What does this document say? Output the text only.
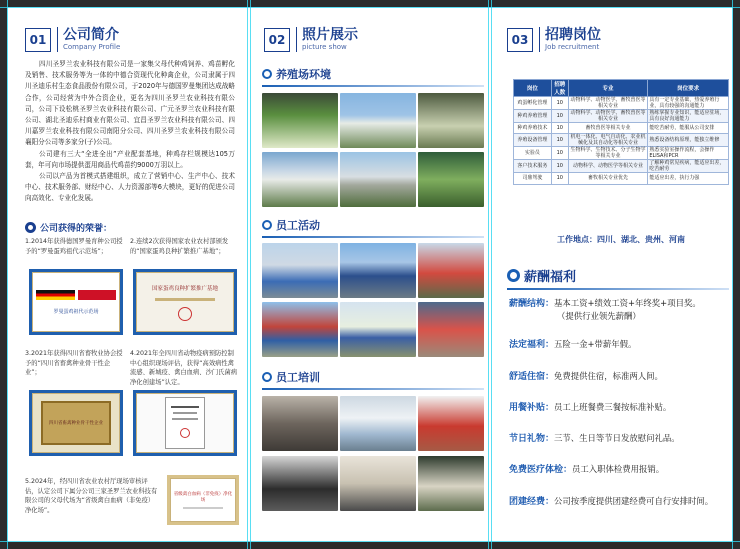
01	公司简介
Company Profile

四川圣罗兰农业科技有限公司是一家集父母代种鸡饲养、鸡苗孵化及销售、技术服务等为一体的中德合资现代化种禽企业，公司隶属于四川圣迪乐村生态食品股份有限公司，于2020年与德国罗曼集团达成战略合作，公司经营为中外合资企业，更名为四川圣罗兰农业科技有限公司，公司下设松桃圣罗兰农业科技有限公司、广元圣罗兰农业科技有限公司、湖北圣迪乐村商业有限公司、宜昌圣罗兰农业科技有限公司、四川嘉罗兰农业科技有限公司南阳分公司、四川圣罗兰农业科技有限公司襄阳分公司等多家分(子)公司。

公司建有三大“全进全出”产业配套基地，种鸡存栏规模达105万套，年可向市场提供蛋用商品代鸡苗约9000万羽以上。

公司以产品为首模式搭建组织，成立了营销中心、生产中心、技术中心、技术服务部、财经中心、人力资源部等6大模块，更好的促进公司向高效化、专业化发展。

公司获得的荣誉：
1.2014年获得德国罗曼育种公司授予的“罗曼蛋鸡祖代示范场”；
2.连续2次获得国家农业农村部颁发的“国家蛋鸡良种扩繁推广基地”；
罗曼蛋鸡祖代示范场
国家蛋鸡良种扩繁推广基地
3.2021年获得四川省畜牧业协会授予的“四川省畜禽种业骨干性企业”；
4.2021年全四川省动物疫病预防控制中心组织现场评估，获得“高效病性禽流感、新城疫、禽白血病、沙门氏菌病净化创建场”认定。
四川省畜禽种业骨干性企业
5.2024年，经四川省农业农村厅现场审核评估，认定公司下属分公司三家圣罗兰农业科技有限公司的父母代场为“省级禽白血病（非免疫）净化场”。
省级禽白血病（非免疫）净化场
02	照片展示
picture show
养殖场环境
员工活动
员工培训
03	招聘岗位
Job recruitment
岗位	招聘人数	专业	岗位要求
鸡蛋孵化管理	10	动物科学、动物医学、畜牧兽医等相关专业	具有一定专业基础，热爱养殖行业，具有较强的沟通能力
种鸡养殖管理	10	动物科学、动物医学、畜牧兽医等相关专业	熟练掌握专业知识，能适应驻场，具有良好沟通能力
种鸡养殖技术	10	畜牧兽医等相关专业	能吃苦耐劳，能服从公司安排
养殖设备管理	10	机电一体化、电气自动化、农业机械化及其自动化等相关专业	熟悉设备结构原理，能独立维修
实验员	10	生物科学、生物技术、分子生物学等相关专业	熟悉实验室操作流程，会操作ELISA和PCR
客户技术服务	10	动物科学、动物医学等相关专业	了解种鸡常见疾病，能适应出差，吃苦耐劳
司鼎驾驶	10	畜牧相关专业优先	能适应出差，执行力强
工作地点：四川、湖北、贵州、河南
薪酬福利
薪酬结构：基本工资+绩效工资+年终奖+项目奖。
（提供行业领先薪酬）
法定福利：五险一金+带薪年假。
舒适住宿：免费提供住宿，标准两人间。
用餐补贴：员工上班餐费三餐按标准补贴。
节日礼物：三节、生日等节日发放慰问礼品。
免费医疗体检：员工入职体检费用报销。
团建经费：公司按季度提供团建经费可自行安排时间。
